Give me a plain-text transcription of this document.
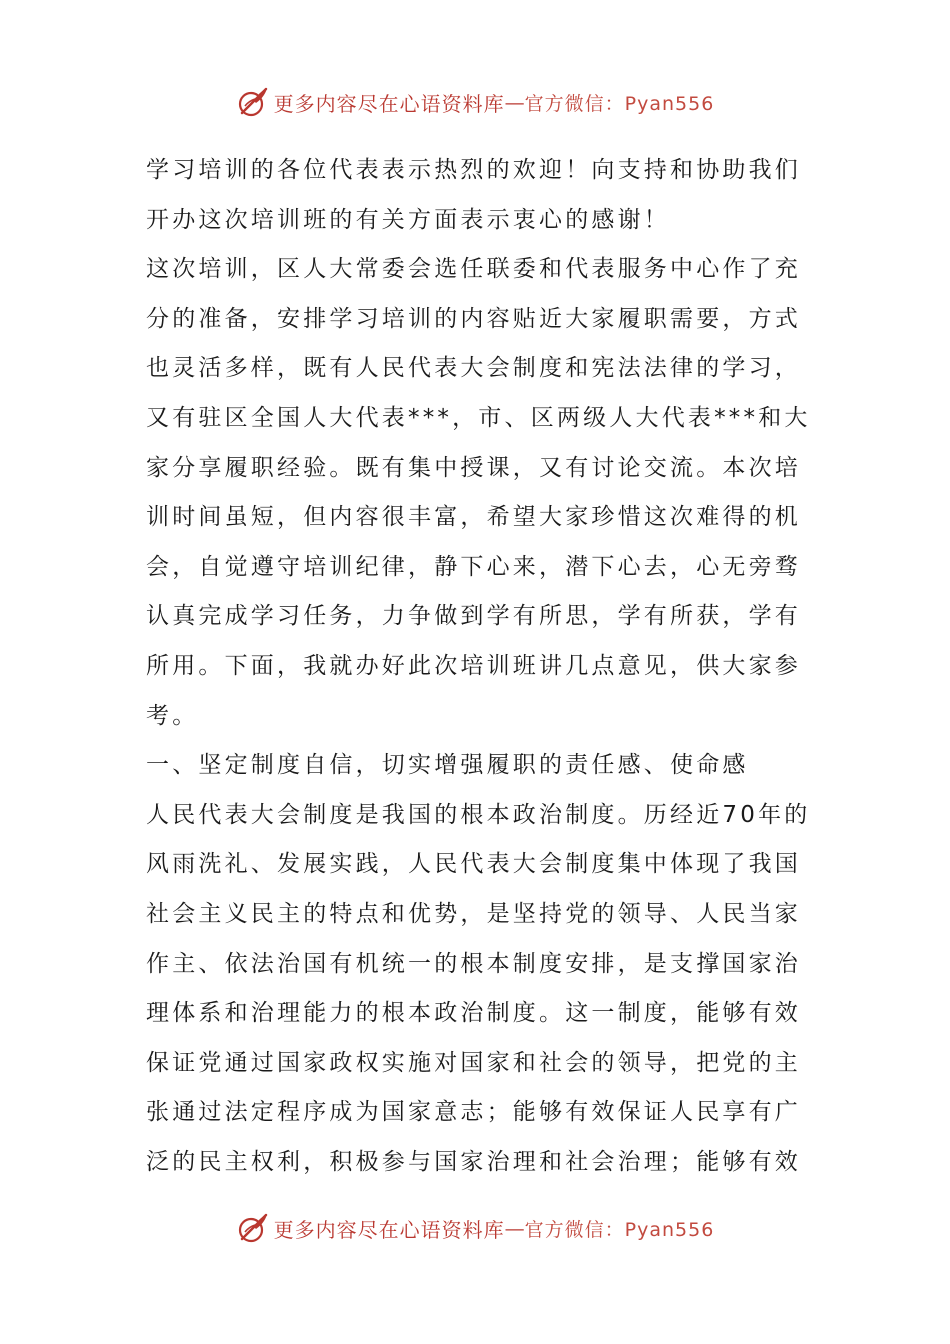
更多内容尽在心语资料库 — 官方微信：Pyan556
学习培训的各位代表表示热烈的欢迎！向支持和协助我们
开办这次培训班的有关方面表示衷心的感谢！
这次培训，区人大常委会选任联委和代表服务中心作了充
分的准备，安排学习培训的内容贴近大家履职需要，方式
也灵活多样，既有人民代表大会制度和宪法法律的学习，
又有驻区全国人大代表***，市、区两级人大代表***和大
家分享履职经验。既有集中授课，又有讨论交流。本次培
训时间虽短，但内容很丰富，希望大家珍惜这次难得的机
会，自觉遵守培训纪律，静下心来，潜下心去，心无旁骛
认真完成学习任务，力争做到学有所思，学有所获，学有
所用。下面，我就办好此次培训班讲几点意见，供大家参
考。
一、坚定制度自信，切实增强履职的责任感、使命感
人民代表大会制度是我国的根本政治制度。历经近70年的
风雨洗礼、发展实践，人民代表大会制度集中体现了我国
社会主义民主的特点和优势，是坚持党的领导、人民当家
作主、依法治国有机统一的根本制度安排，是支撑国家治
理体系和治理能力的根本政治制度。这一制度，能够有效
保证党通过国家政权实施对国家和社会的领导，把党的主
张通过法定程序成为国家意志；能够有效保证人民享有广
泛的民主权利，积极参与国家治理和社会治理；能够有效
更多内容尽在心语资料库 — 官方微信：Pyan556
